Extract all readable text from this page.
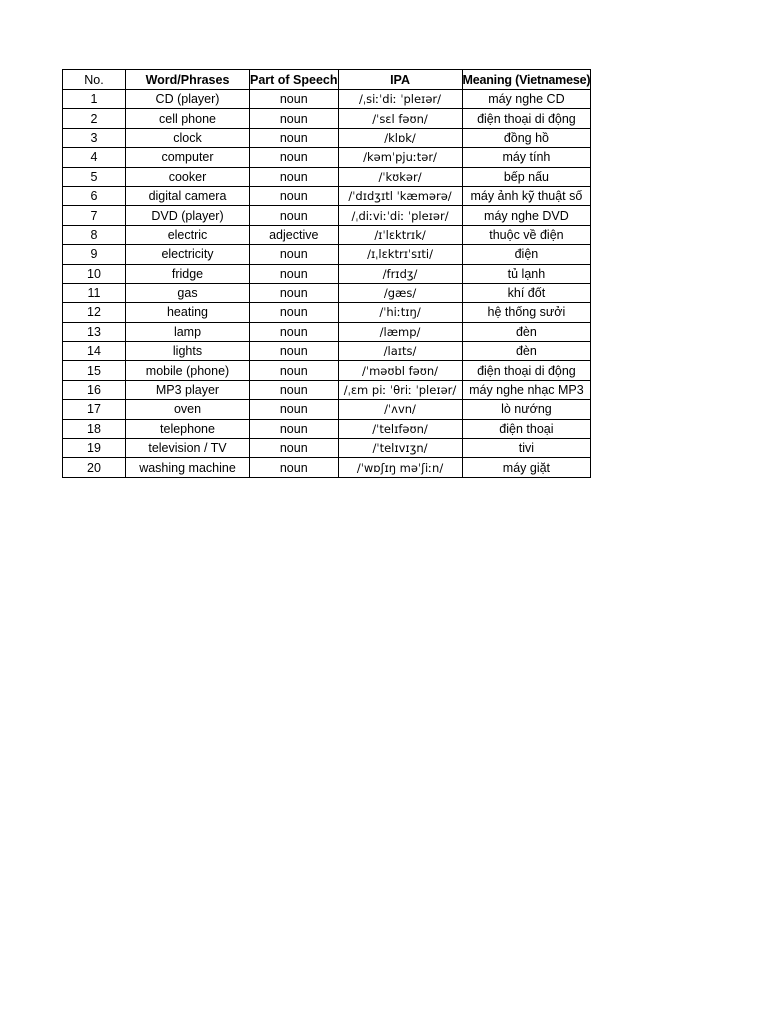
No.	Word/Phrases	Part of Speech	IPA	Meaning (Vietnamese)
1	CD (player)	noun	/ˌsiːˈdiː ˈpleɪər/	máy nghe CD
2	cell phone	noun	/ˈsɛl fəʊn/	điện thoại di động
3	clock	noun	/klɒk/	đồng hồ
4	computer	noun	/kəmˈpjuːtər/	máy tính
5	cooker	noun	/ˈkʊkər/	bếp nấu
6	digital camera	noun	/ˈdɪdʒɪtl ˈkæmərə/	máy ảnh kỹ thuật số
7	DVD (player)	noun	/ˌdiːviːˈdiː ˈpleɪər/	máy nghe DVD
8	electric	adjective	/ɪˈlɛktrɪk/	thuộc về điện
9	electricity	noun	/ɪˌlɛktrɪˈsɪti/	điện
10	fridge	noun	/frɪdʒ/	tủ lạnh
11	gas	noun	/gæs/	khí đốt
12	heating	noun	/ˈhiːtɪŋ/	hệ thống sưởi
13	lamp	noun	/læmp/	đèn
14	lights	noun	/laɪts/	đèn
15	mobile (phone)	noun	/ˈməʊbl fəʊn/	điện thoại di động
16	MP3 player	noun	/ˌɛm piː ˈθriː ˈpleɪər/	máy nghe nhạc MP3
17	oven	noun	/ˈʌvn/	lò nướng
18	telephone	noun	/ˈtelɪfəʊn/	điện thoại
19	television / TV	noun	/ˈtelɪvɪʒn/	tivi
20	washing machine	noun	/ˈwɒʃɪŋ məˈʃiːn/	máy giặt
